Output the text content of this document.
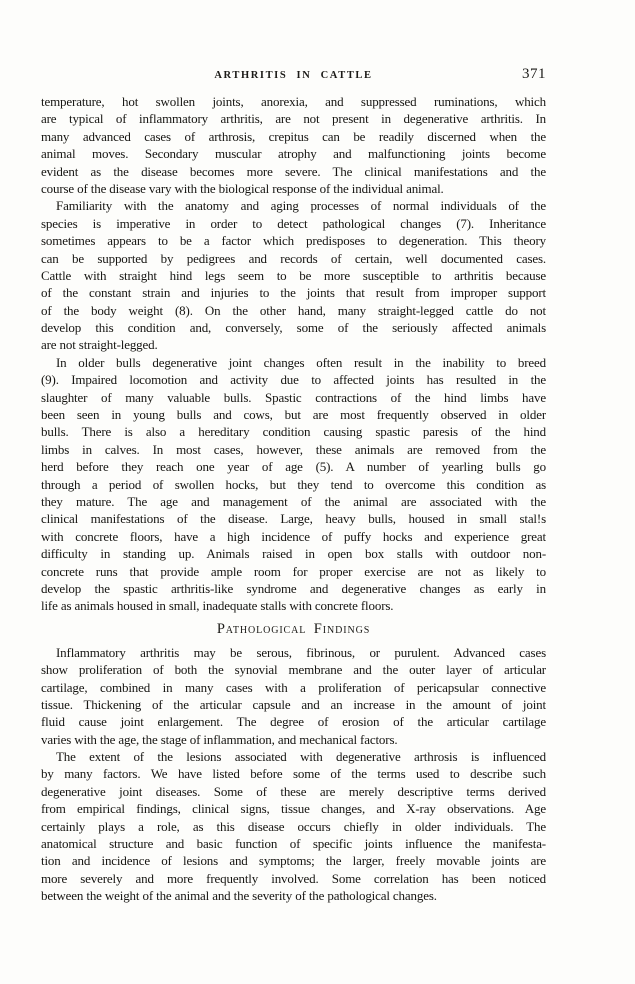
ARTHRITIS IN CATTLE	371
temperature, hot swollen joints, anorexia, and suppressed ruminations, which
are typical of inflammatory arthritis, are not present in degenerative arthritis. In
many advanced cases of arthrosis, crepitus can be readily discerned when the
animal moves. Secondary muscular atrophy and malfunctioning joints become
evident as the disease becomes more severe. The clinical manifestations and the
course of the disease vary with the biological response of the individual animal.
Familiarity with the anatomy and aging processes of normal individuals of the
species is imperative in order to detect pathological changes (7). Inheritance
sometimes appears to be a factor which predisposes to degeneration. This theory
can be supported by pedigrees and records of certain, well documented cases.
Cattle with straight hind legs seem to be more susceptible to arthritis because
of the constant strain and injuries to the joints that result from improper support
of the body weight (8). On the other hand, many straight-legged cattle do not
develop this condition and, conversely, some of the seriously affected animals
are not straight-legged.
In older bulls degenerative joint changes often result in the inability to breed
(9). Impaired locomotion and activity due to affected joints has resulted in the
slaughter of many valuable bulls. Spastic contractions of the hind limbs have
been seen in young bulls and cows, but are most frequently observed in older
bulls. There is also a hereditary condition causing spastic paresis of the hind
limbs in calves. In most cases, however, these animals are removed from the
herd before they reach one year of age (5). A number of yearling bulls go
through a period of swollen hocks, but they tend to overcome this condition as
they mature. The age and management of the animal are associated with the
clinical manifestations of the disease. Large, heavy bulls, housed in small stal!s
with concrete floors, have a high incidence of puffy hocks and experience great
difficulty in standing up. Animals raised in open box stalls with outdoor non-
concrete runs that provide ample room for proper exercise are not as likely to
develop the spastic arthritis-like syndrome and degenerative changes as early in
life as animals housed in small, inadequate stalls with concrete floors.
Pathological Findings
Inflammatory arthritis may be serous, fibrinous, or purulent. Advanced cases
show proliferation of both the synovial membrane and the outer layer of articular
cartilage, combined in many cases with a proliferation of pericapsular connective
tissue. Thickening of the articular capsule and an increase in the amount of joint
fluid cause joint enlargement. The degree of erosion of the articular cartilage
varies with the age, the stage of inflammation, and mechanical factors.
The extent of the lesions associated with degenerative arthrosis is influenced
by many factors. We have listed before some of the terms used to describe such
degenerative joint diseases. Some of these are merely descriptive terms derived
from empirical findings, clinical signs, tissue changes, and X-ray observations. Age
certainly plays a role, as this disease occurs chiefly in older individuals. The
anatomical structure and basic function of specific joints influence the manifesta-
tion and incidence of lesions and symptoms; the larger, freely movable joints are
more severely and more frequently involved. Some correlation has been noticed
between the weight of the animal and the severity of the pathological changes.
